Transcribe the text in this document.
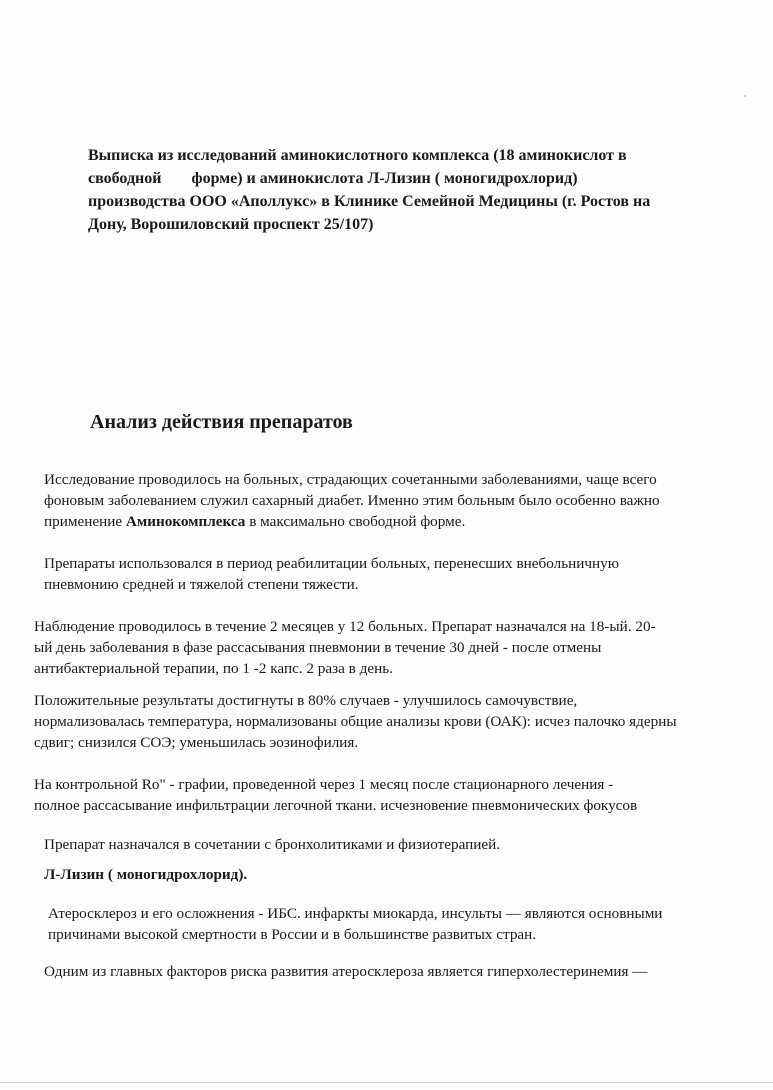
Выписка из исследований аминокислотного комплекса (18 аминокислот в
свободной формe) и аминокислота Л-Лизин ( моногидрохлорид)
производства ООО «Аполлукс» в Клинике Семейной Медицины (г. Ростов на
Дону, Ворошиловский проспект 25/107)
Анализ действия препаратов
Исследование проводилось на больных, страдающих сочетанными заболеваниями, чаще всего
фоновым заболеванием служил сахарный диабет. Именно этим больным было особенно важно
применение Аминокомплекса в максимально свободной форме.
Препараты использовался в период реабилитации больных, перенесших внебольничную
пневмонию средней и тяжелой степени тяжести.
Наблюдение проводилось в течение 2 месяцев у 12 больных. Препарат назначался на 18-ый. 20-
ый день заболевания в фазе рассасывания пневмонии в течение 30 дней - после отмены
антибактериальной терапии, по 1 -2 капс. 2 раза в день.
Положительные результаты достигнуты в 80% случаев - улучшилось самочувствие,
нормализовалась температура, нормализованы общие анализы крови (ОАК): исчез палочко ядерны
сдвиг; снизился СОЭ; уменьшилась эозинофилия.
На контрольной Ro" - графии, проведенной через 1 месяц после стационарного лечения -
полное рассасывание инфильтрации легочной ткани. исчезновение пневмонических фокусов
Препарат назначался в сочетании с бронхолитиками и физиотерапией.
Л-Лизин ( моногидрохлорид).
Атеросклероз и его осложнения - ИБС. инфаркты миокарда, инсульты — являются основными
причинами высокой смертности в России и в большинстве развитых стран.
Одним из главных факторов риска развития атеросклероза является гиперхолестеринемия —
